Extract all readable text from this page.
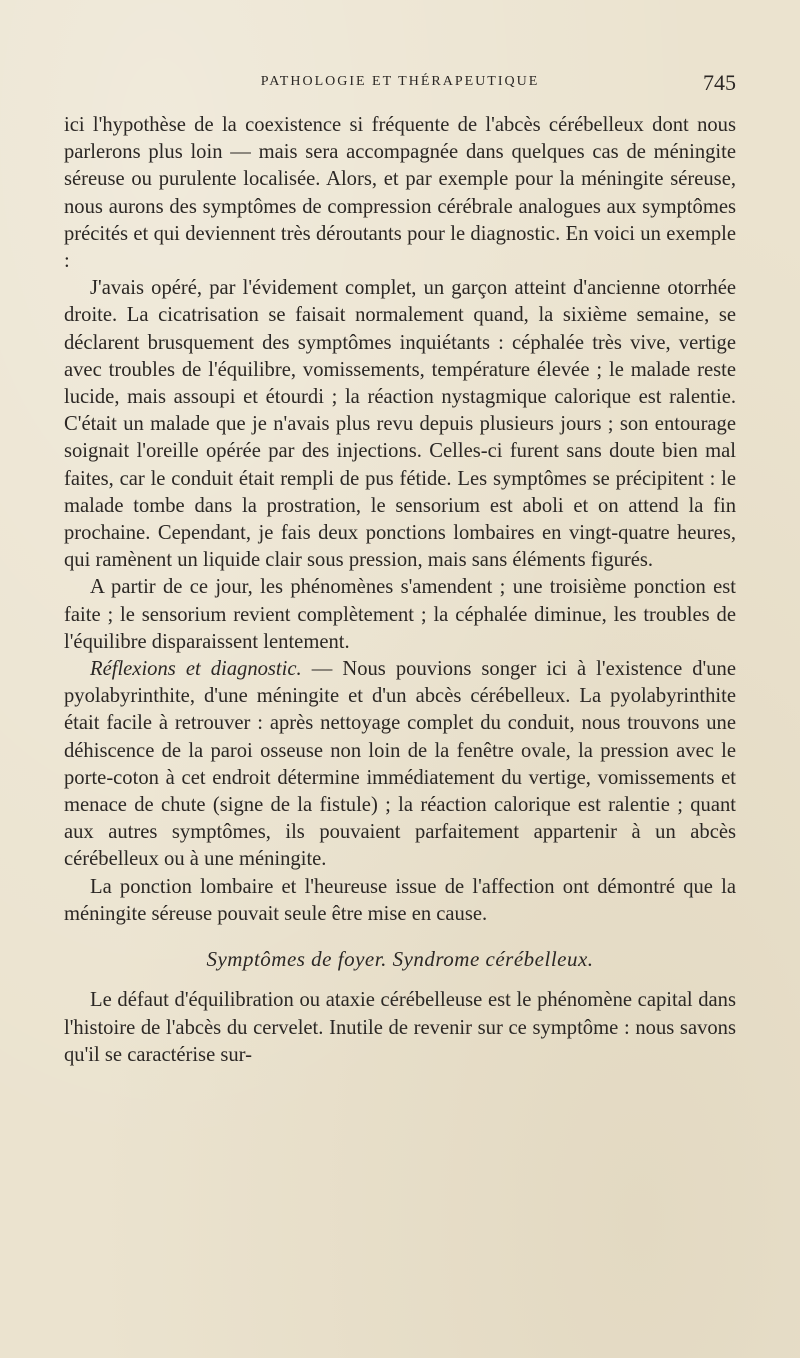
PATHOLOGIE ET THÉRAPEUTIQUE	745

ici l'hypothèse de la coexistence si fréquente de l'abcès cérébelleux dont nous parlerons plus loin — mais sera accompagnée dans quelques cas de méningite séreuse ou purulente localisée. Alors, et par exemple pour la méningite séreuse, nous aurons des symptômes de compression cérébrale analogues aux symptômes précités et qui deviennent très déroutants pour le diagnostic. En voici un exemple :

J'avais opéré, par l'évidement complet, un garçon atteint d'ancienne otorrhée droite. La cicatrisation se faisait normalement quand, la sixième semaine, se déclarent brusquement des symptômes inquiétants : céphalée très vive, vertige avec troubles de l'équilibre, vomissements, température élevée ; le malade reste lucide, mais assoupi et étourdi ; la réaction nystagmique calorique est ralentie. C'était un malade que je n'avais plus revu depuis plusieurs jours ; son entourage soignait l'oreille opérée par des injections. Celles-ci furent sans doute bien mal faites, car le conduit était rempli de pus fétide. Les symptômes se précipitent : le malade tombe dans la prostration, le sensorium est aboli et on attend la fin prochaine. Cependant, je fais deux ponctions lombaires en vingt-quatre heures, qui ramènent un liquide clair sous pression, mais sans éléments figurés.

A partir de ce jour, les phénomènes s'amendent ; une troisième ponction est faite ; le sensorium revient complètement ; la céphalée diminue, les troubles de l'équilibre disparaissent lentement.

Réflexions et diagnostic. — Nous pouvions songer ici à l'existence d'une pyolabyrinthite, d'une méningite et d'un abcès cérébelleux. La pyolabyrinthite était facile à retrouver : après nettoyage complet du conduit, nous trouvons une déhiscence de la paroi osseuse non loin de la fenêtre ovale, la pression avec le porte-coton à cet endroit détermine immédiatement du vertige, vomissements et menace de chute (signe de la fistule) ; la réaction calorique est ralentie ; quant aux autres symptômes, ils pouvaient parfaitement appartenir à un abcès cérébelleux ou à une méningite.

La ponction lombaire et l'heureuse issue de l'affection ont démontré que la méningite séreuse pouvait seule être mise en cause.

Symptômes de foyer. Syndrome cérébelleux.

Le défaut d'équilibration ou ataxie cérébelleuse est le phénomène capital dans l'histoire de l'abcès du cervelet. Inutile de revenir sur ce symptôme : nous savons qu'il se caractérise sur-
